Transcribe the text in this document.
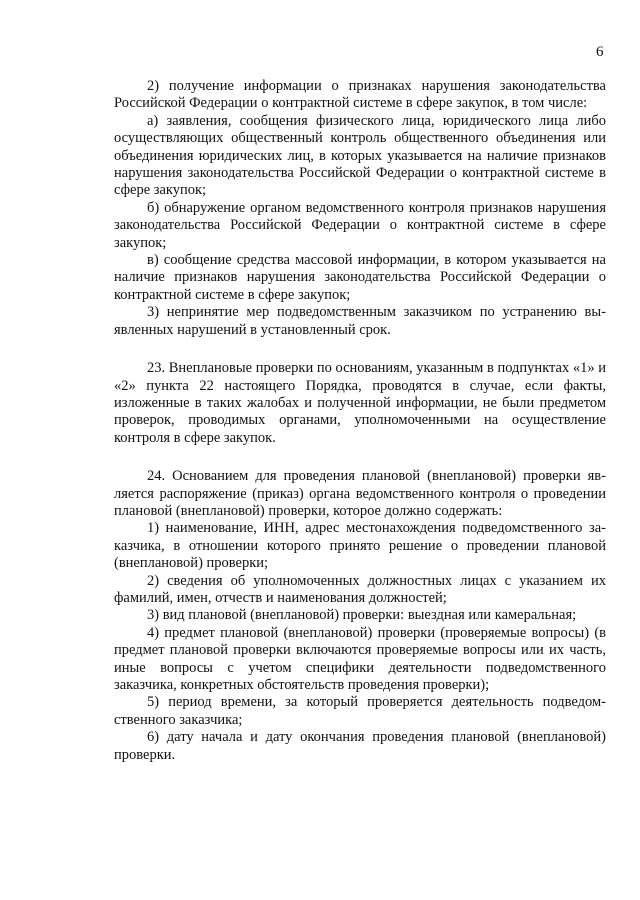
6

2) получение информации о признаках нарушения законодательства Российской Федерации о контрактной системе в сфере закупок, в том числе:

а) заявления, сообщения физического лица, юридического лица либо осуществляющих общественный контроль общественного объединения или объединения юридических лиц, в которых указывается на наличие признаков нарушения законодательства Российской Федерации о контрактной системе в сфере закупок;

б) обнаружение органом ведомственного контроля признаков нарушения законодательства Российской Федерации о контрактной системе в сфере закупок;

в) сообщение средства массовой информации, в котором указывается на наличие признаков нарушения законодательства Российской Федерации о контрактной системе в сфере закупок;

3) непринятие мер подведомственным заказчиком по устранению выявленных нарушений в установленный срок.

23. Внеплановые проверки по основаниям, указанным в подпунктах «1» и «2» пункта 22 настоящего Порядка, проводятся в случае, если факты, изложенные в таких жалобах и полученной информации, не были предметом проверок, проводимых органами, уполномоченными на осуществление контроля в сфере закупок.

24. Основанием для проведения плановой (внеплановой) проверки является распоряжение (приказ) органа ведомственного контроля о проведении плановой (внеплановой) проверки, которое должно содержать:

1) наименование, ИНН, адрес местонахождения подведомственного заказчика, в отношении которого принято решение о проведении плановой (внеплановой) проверки;

2) сведения об уполномоченных должностных лицах с указанием их фамилий, имен, отчеств и наименования должностей;

3) вид плановой (внеплановой) проверки: выездная или камеральная;

4) предмет плановой (внеплановой) проверки (проверяемые вопросы) (в предмет плановой проверки включаются проверяемые вопросы или их часть, иные вопросы с учетом специфики деятельности подведомственного заказчика, конкретных обстоятельств проведения проверки);

5) период времени, за который проверяется деятельность подведомственного заказчика;

6) дату начала и дату окончания проведения плановой (внеплановой) проверки.
